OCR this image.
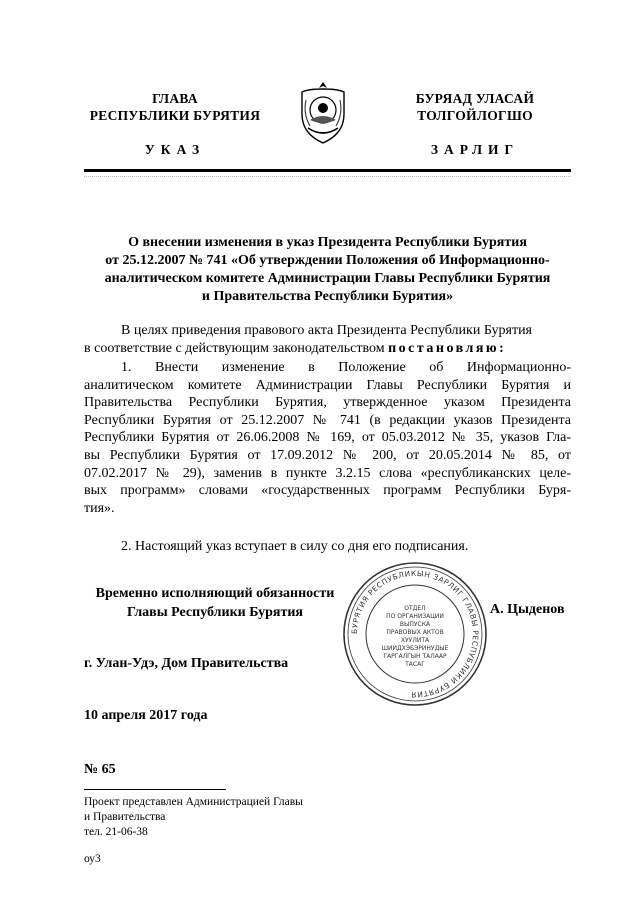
ГЛАВА
РЕСПУБЛИКИ БУРЯТИЯ
УКАЗ
БУРЯАД УЛАСАЙ
ТОЛГОЙЛОГШО
ЗАРЛИГ
О внесении изменения в указ Президента Республики Бурятия
от 25.12.2007 № 741 «Об утверждении Положения об Информационно-
аналитическом комитете Администрации Главы Республики Бурятия
и Правительства Республики Бурятия»
В целях приведения правового акта Президента Республики Бурятия
в соответствие с действующим законодательством постановляю:
1.     Внести     изменение     в     Положение     об     Информационно-
аналитическом комитете Администрации Главы Республики Бурятия и
Правительства Республики Бурятия, утвержденное указом Президента
Республики Бурятия от 25.12.2007 № 741 (в редакции указов Президента
Республики Бурятия от 26.06.2008 № 169, от 05.03.2012 № 35, указов Гла-
вы Республики Бурятия от 17.09.2012 № 200, от 20.05.2014 № 85, от
07.02.2017 № 29), заменив в пункте 3.2.15 слова «республиканских целе-
вых программ» словами «государственных программ Республики Буря-
тия».
2. Настоящий указ вступает в силу со дня его подписания.
Временно исполняющий обязанности
Главы Республики Бурятия
БУРЯТИЯ РЕСПУБЛИКЫН ЗАРЛИГ ГЛАВЫ РЕСПУБЛИКИ БУРЯТИЯ
ОТДЕЛ
ПО ОРГАНИЗАЦИИ
ВЫПУСКА
ПРАВОВЫХ АКТОВ
ХУУЛИТА
ШИИДХЭБЭРИНУДЫЕ
ГАРГАЛГЫН ТАЛААР
ТАСАГ
А. Цыденов
г. Улан-Удэ, Дом Правительства
10 апреля 2017 года
№ 65
Проект представлен Администрацией Главы
и Правительства
тел. 21-06-38
оу3
